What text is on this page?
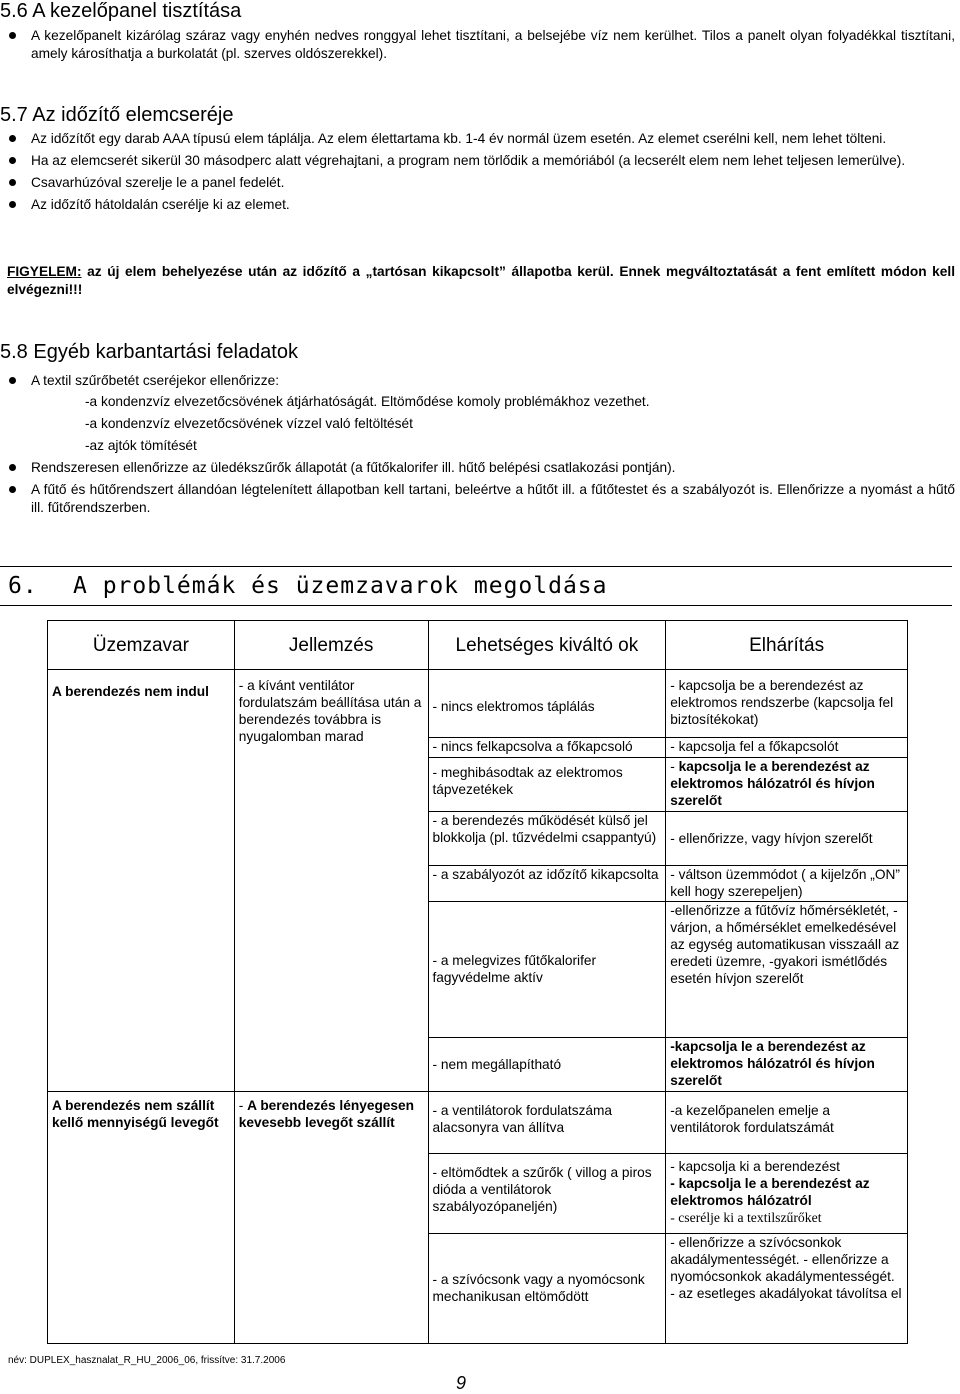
5.6 A kezelőpanel tisztítása
A kezelőpanelt kizárólag száraz vagy enyhén nedves ronggyal lehet tisztítani, a belsejébe víz nem kerülhet. Tilos a panelt olyan folyadékkal tisztítani, amely károsíthatja a burkolatát (pl. szerves oldószerekkel).
5.7 Az időzítő elemcseréje
Az időzítőt egy darab AAA típusú elem táplálja. Az elem élettartama kb. 1-4 év normál üzem esetén. Az elemet cserélni kell, nem lehet tölteni.
Ha az elemcserét sikerül 30 másodperc alatt végrehajtani, a program nem törlődik a memóriából (a lecserélt elem nem lehet teljesen lemerülve).
Csavarhúzóval szerelje le a panel fedelét.
Az időzítő hátoldalán cserélje ki az elemet.
FIGYELEM: az új elem behelyezése után az időzítő a „tartósan kikapcsolt” állapotba kerül. Ennek megváltoztatását a fent említett módon kell elvégezni!!!
5.8 Egyéb karbantartási feladatok
A textil szűrőbetét cseréjekor ellenőrizze:
-a kondenzvíz elvezetőcsövének átjárhatóságát. Eltömődése komoly problémákhoz vezethet.
-a kondenzvíz elvezetőcsövének vízzel való feltöltését
-az ajtók tömítését
Rendszeresen ellenőrizze az üledékszűrők állapotát (a fűtőkalorifer ill. hűtő belépési csatlakozási pontján).
A fűtő és hűtőrendszert állandóan légtelenített állapotban kell tartani, beleértve a hűtőt ill. a fűtőtestet és a szabályozót is. Ellenőrizze a nyomást a hűtő ill. fűtőrendszerben.
6.	A problémák és üzemzavarok megoldása
Üzemzavar	Jellemzés	Lehetséges kiváltó ok	Elhárítás

A berendezés nem indul	- a kívánt ventilátor fordulatszám beállítása után a berendezés továbbra is nyugalomban marad	- nincs elektromos táplálás	- kapcsolja be a berendezést az elektromos rendszerbe (kapcsolja fel biztosítékokat)
		- nincs felkapcsolva a főkapcsoló	- kapcsolja fel a főkapcsolót
		- meghibásodtak az elektromos tápvezetékek	- kapcsolja le a berendezést az elektromos hálózatról és hívjon szerelőt
		- a berendezés működését külső jel blokkolja (pl. tűzvédelmi csappantyú)	- ellenőrizze, vagy hívjon szerelőt
		- a szabályozót az időzítő kikapcsolta	- váltson üzemmódot ( a kijelzőn „ON” kell hogy szerepeljen)
		- a melegvizes fűtőkalorifer fagyvédelme aktív	-ellenőrizze a fűtővíz hőmérsékletét, -várjon, a hőmérséklet emelkedésével az egység automatikusan visszaáll az eredeti üzemre, -gyakori ismétlődés esetén hívjon szerelőt
		- nem megállapítható	-kapcsolja le a berendezést az elektromos hálózatról és hívjon szerelőt
A berendezés nem szállít kellő mennyiségű levegőt	- A berendezés lényegesen kevesebb levegőt szállít	- a ventilátorok fordulatszáma alacsonyra van állítva	-a kezelőpanelen emelje a ventilátorok fordulatszámát
		- eltömődtek a szűrők ( villog a piros dióda a ventilátorok szabályozópaneljén)	- kapcsolja ki a berendezést
- kapcsolja le a berendezést az elektromos hálózatról
- cserélje ki a textilszűrőket

		- a szívócsonk vagy a nyomócsonk mechanikusan eltömődött	- ellenőrizze a szívócsonkok akadálymentességét. - ellenőrizze a nyomócsonkok akadálymentességét. - az esetleges akadályokat távolítsa el
név: DUPLEX_hasznalat_R_HU_2006_06, frissítve: 31.7.2006
9
